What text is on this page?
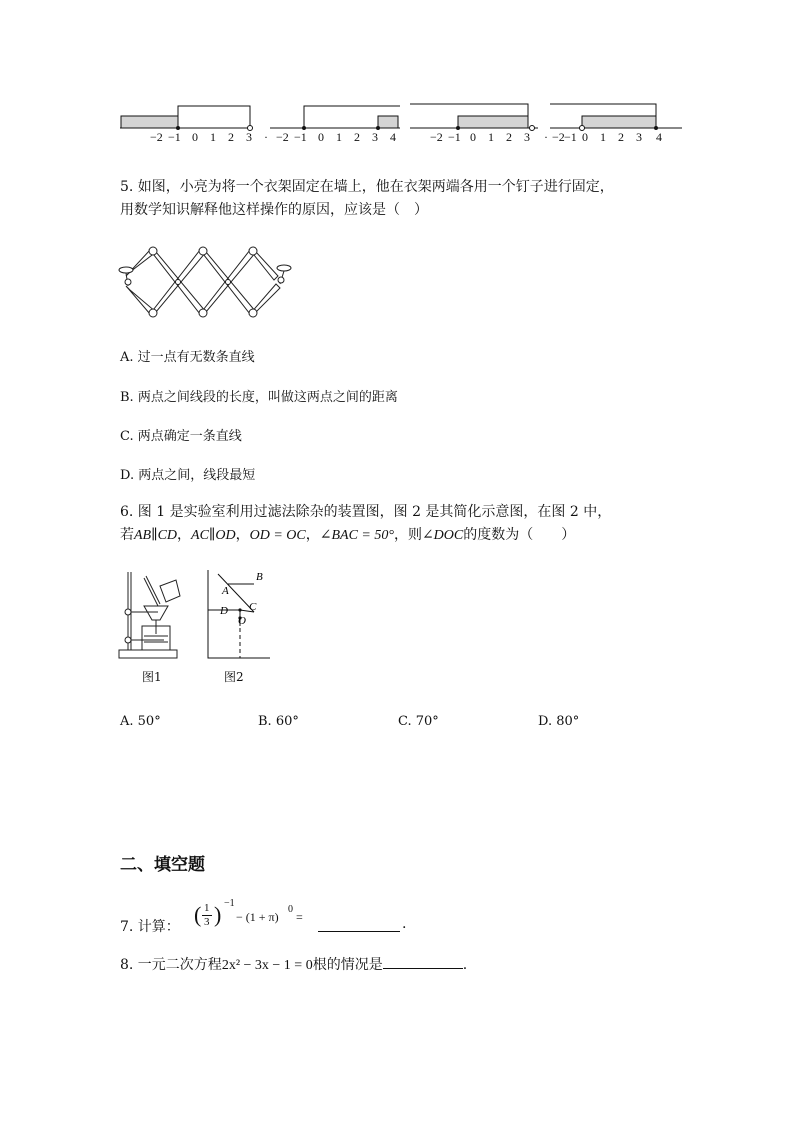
−2 −1 0 1 2 3 · −2 −1 0 1 2 3 4	−2 −1 0 1 2 3 · −2 −1 0 1 2 3 4
5. 如图，小亮为将一个衣架固定在墙上，他在衣架两端各用一个钉子进行固定，
用数学知识解释他这样操作的原因，应该是（　）
A. 过一点有无数条直线
B. 两点之间线段的长度，叫做这两点之间的距离
C. 两点确定一条直线
D. 两点之间，线段最短
6. 图 1 是实验室利用过滤法除杂的装置图，图 2 是其简化示意图，在图 2 中，
若AB∥CD，AC∥OD，OD = OC，∠BAC = 50°，则∠DOC的度数为（　　）
A
B
C
D
O
图1	图2
A. 50°	B. 60°	C. 70°	D. 80°
二、填空题
7. 计算： ( 1
3 ) −1
− (1 + π)
0
=	.
8. 一元二次方程2x² − 3x − 1 = 0根的情况是	.
